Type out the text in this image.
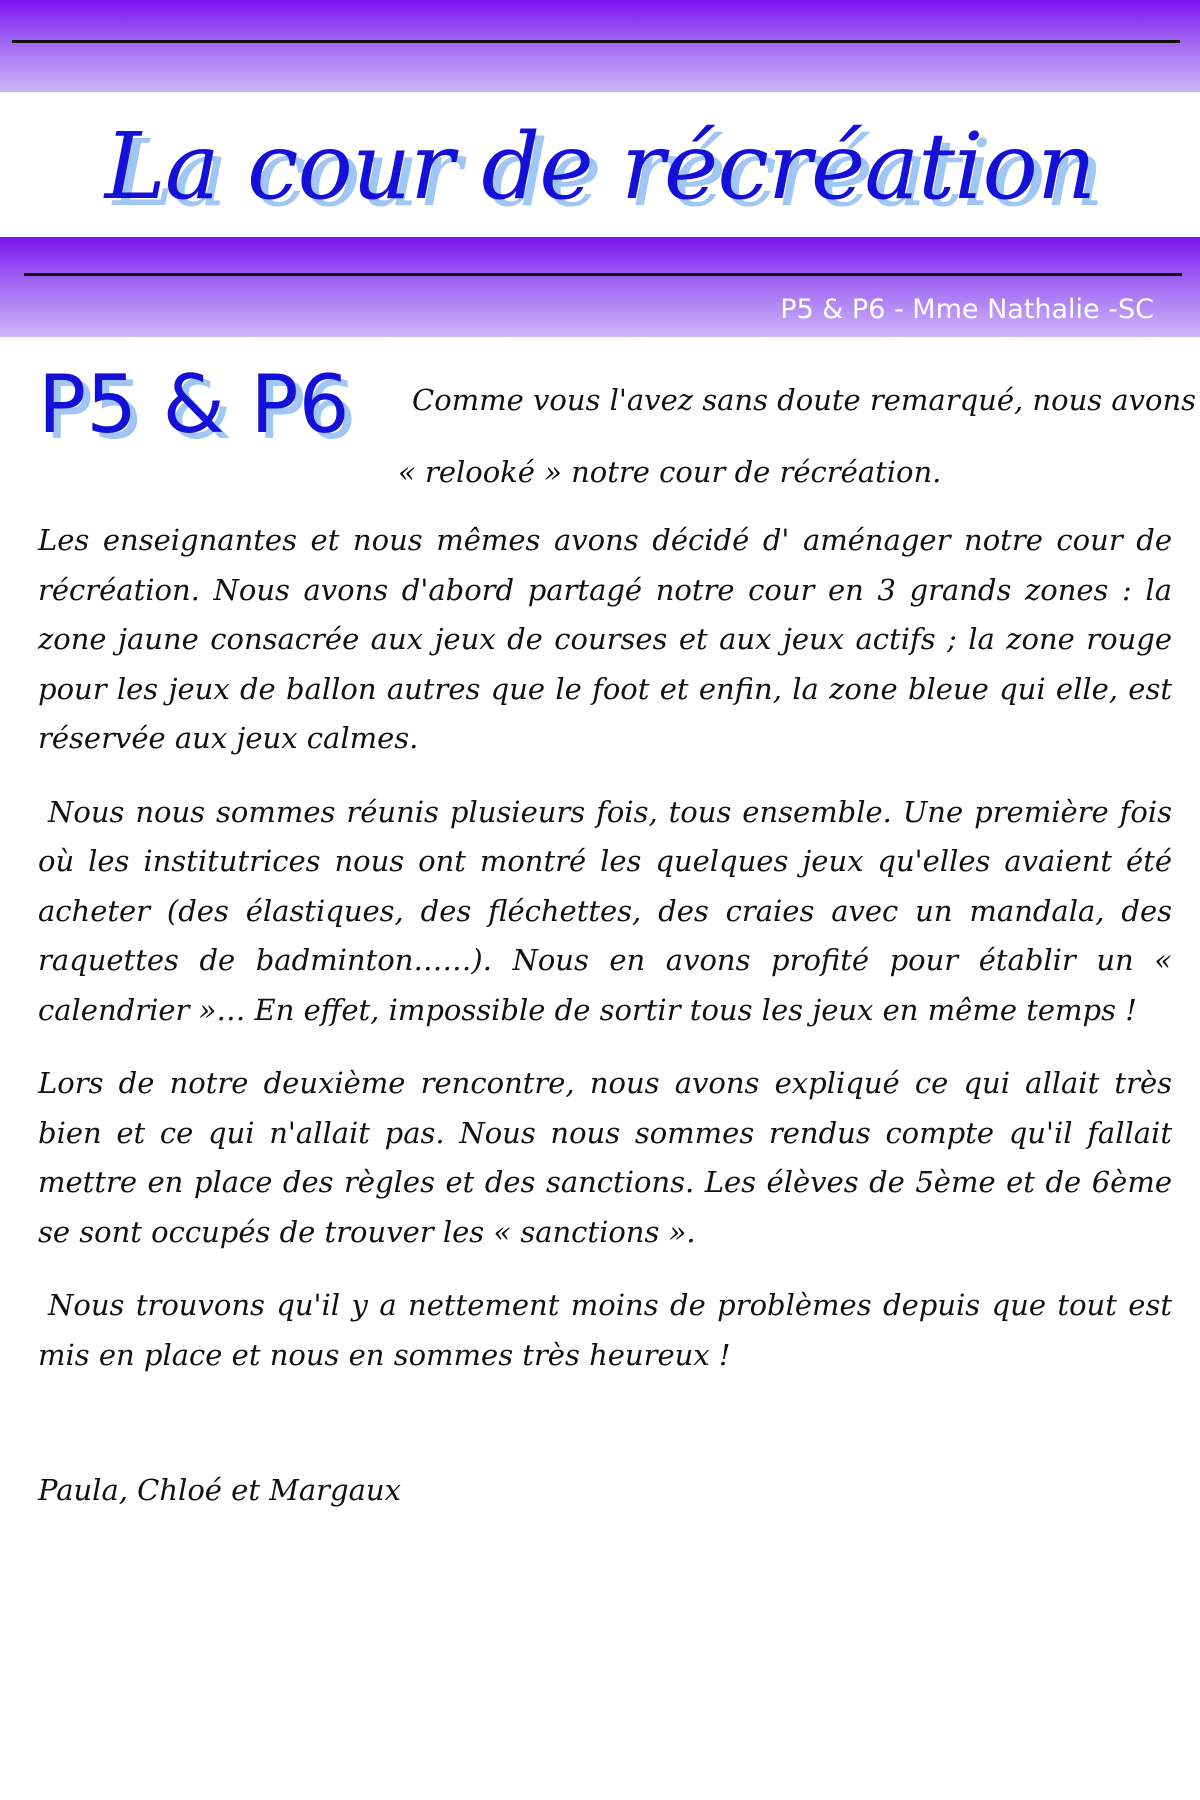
La cour de récréation
P5 & P6 - Mme Nathalie -SC
P5 & P6	Comme vous l'avez sans doute remarqué, nous avons
« relooké » notre cour de récréation.

Les enseignantes et nous mêmes avons décidé d' aménager notre cour de récréation. Nous avons d'abord partagé notre cour en 3 grands zones : la zone jaune consacrée aux jeux de courses et aux jeux actifs ; la zone rouge pour les jeux de ballon autres que le foot et enfin, la zone bleue qui elle, est réservée aux jeux calmes.

Nous nous sommes réunis plusieurs fois, tous ensemble. Une première fois où les institutrices nous ont montré les quelques jeux qu'elles avaient été acheter (des élastiques, des fléchettes, des craies avec un mandala, des raquettes de badminton……). Nous en avons profité pour établir un « calendrier »… En effet, impossible de sortir tous les jeux en même temps !

Lors de notre deuxième rencontre, nous avons expliqué ce qui allait très bien et ce qui n'allait pas. Nous nous sommes rendus compte qu'il fallait mettre en place des règles et des sanctions. Les élèves de 5ème et de 6ème se sont occupés de trouver les « sanctions ».

Nous trouvons qu'il y a nettement moins de problèmes depuis que tout est mis en place et nous en sommes très heureux !

Paula, Chloé et Margaux
